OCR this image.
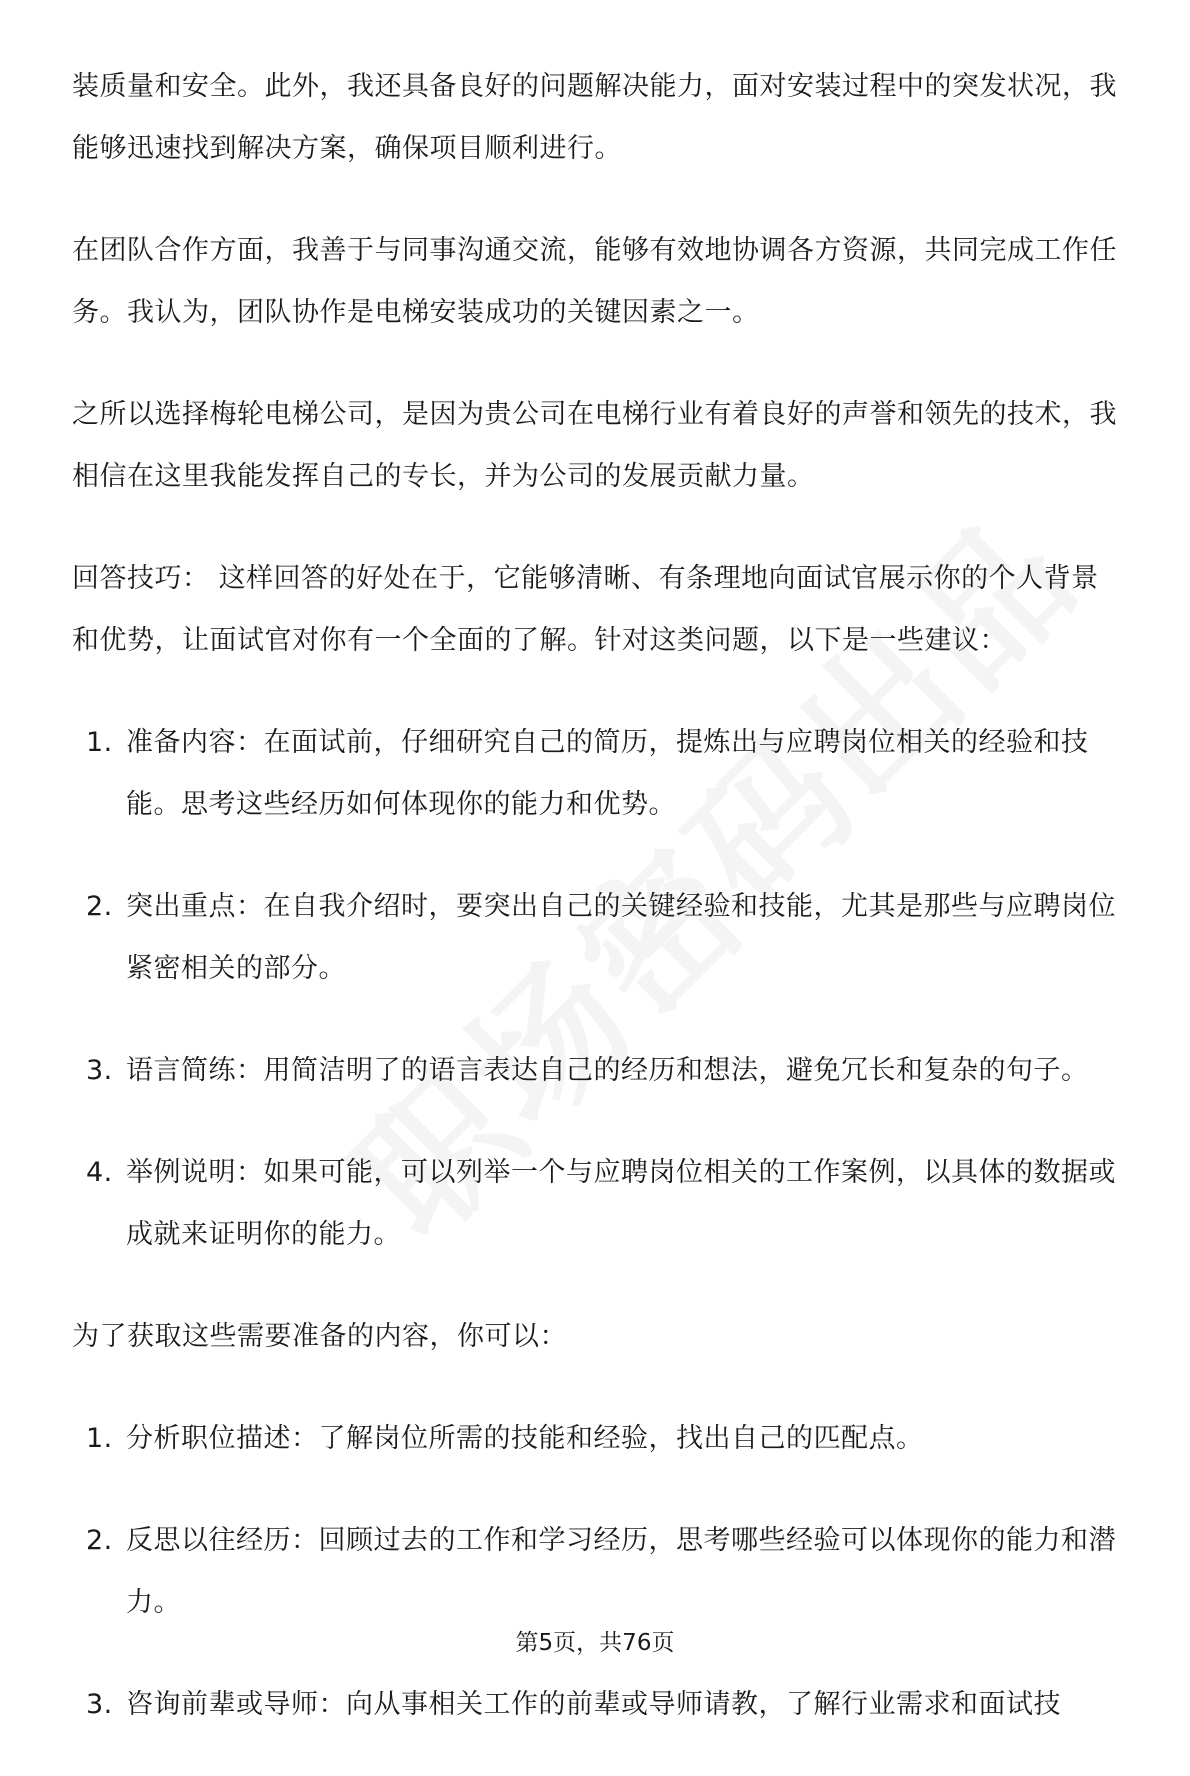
装质量和安全。此外，我还具备良好的问题解决能力，面对安装过程中的突发状况，我能够迅速找到解决方案，确保项目顺利进行。

在团队合作方面，我善于与同事沟通交流，能够有效地协调各方资源，共同完成工作任务。我认为，团队协作是电梯安装成功的关键因素之一。

之所以选择梅轮电梯公司，是因为贵公司在电梯行业有着良好的声誉和领先的技术，我相信在这里我能发挥自己的专长，并为公司的发展贡献力量。

回答技巧： 这样回答的好处在于，它能够清晰、有条理地向面试官展示你的个人背景和优势，让面试官对你有一个全面的了解。针对这类问题，以下是一些建议：

1. 准备内容：在面试前，仔细研究自己的简历，提炼出与应聘岗位相关的经验和技能。思考这些经历如何体现你的能力和优势。
2. 突出重点：在自我介绍时，要突出自己的关键经验和技能，尤其是那些与应聘岗位紧密相关的部分。
3. 语言简练：用简洁明了的语言表达自己的经历和想法，避免冗长和复杂的句子。
4. 举例说明：如果可能，可以列举一个与应聘岗位相关的工作案例，以具体的数据或成就来证明你的能力。

为了获取这些需要准备的内容，你可以：

1. 分析职位描述：了解岗位所需的技能和经验，找出自己的匹配点。
2. 反思以往经历：回顾过去的工作和学习经历，思考哪些经验可以体现你的能力和潜力。
3. 咨询前辈或导师：向从事相关工作的前辈或导师请教，了解行业需求和面试技
第5页，共76页
